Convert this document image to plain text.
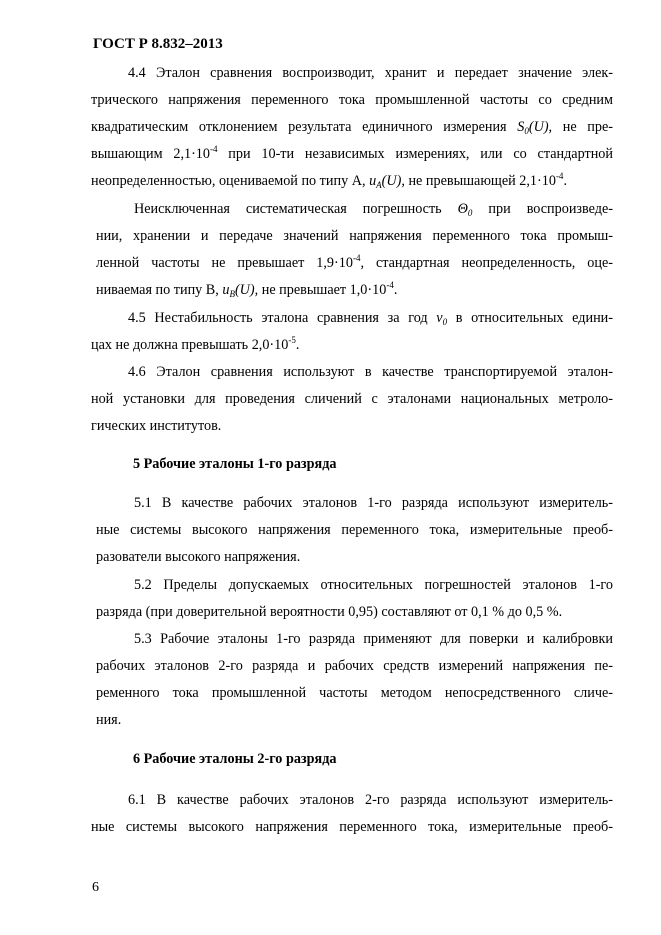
ГОСТ Р 8.832–2013
4.4 Эталон сравнения воспроизводит, хранит и передает значение элек-
трического напряжения переменного тока промышленной частоты со средним
квадратическим отклонением результата единичного измерения $S_0(U)$, не пре-
вышающим $2,1\cdot 10^{-4}$ при 10-ти независимых измерениях, или со стандартной
неопределенностью, оцениваемой по типу А, $u_A(U)$, не превышающей $2,1\cdot 10^{-4}$.
Неисключенная систематическая погрешность $\Theta_0$ при воспроизведе-
нии, хранении и передаче значений напряжения переменного тока промыш-
ленной частоты не превышает $1,9\cdot 10^{-4}$, стандартная неопределенность, оце-
ниваемая по типу В, $u_B(U)$, не превышает $1,0\cdot 10^{-4}$.
4.5 Нестабильность эталона сравнения за год $\nu_0$ в относительных едини-
цах не должна превышать $2,0\cdot 10^{-5}$.
4.6 Эталон сравнения используют в качестве транспортируемой эталон-
ной установки для проведения сличений с эталонами национальных метроло-
гических институтов.
5 Рабочие эталоны 1-го разряда
5.1 В качестве рабочих эталонов 1-го разряда используют измеритель-
ные системы высокого напряжения переменного тока, измерительные преоб-
разователи высокого напряжения.
5.2 Пределы допускаемых относительных погрешностей эталонов 1-го
разряда (при доверительной вероятности 0,95) составляют от 0,1 % до 0,5 %.
5.3 Рабочие эталоны 1-го разряда применяют для поверки и калибровки
рабочих эталонов 2-го разряда и рабочих средств измерений напряжения пе-
ременного тока промышленной частоты методом непосредственного сличе-
ния.
6 Рабочие эталоны 2-го разряда
6.1 В качестве рабочих эталонов 2-го разряда используют измеритель-
ные системы высокого напряжения переменного тока, измерительные преоб-
6
